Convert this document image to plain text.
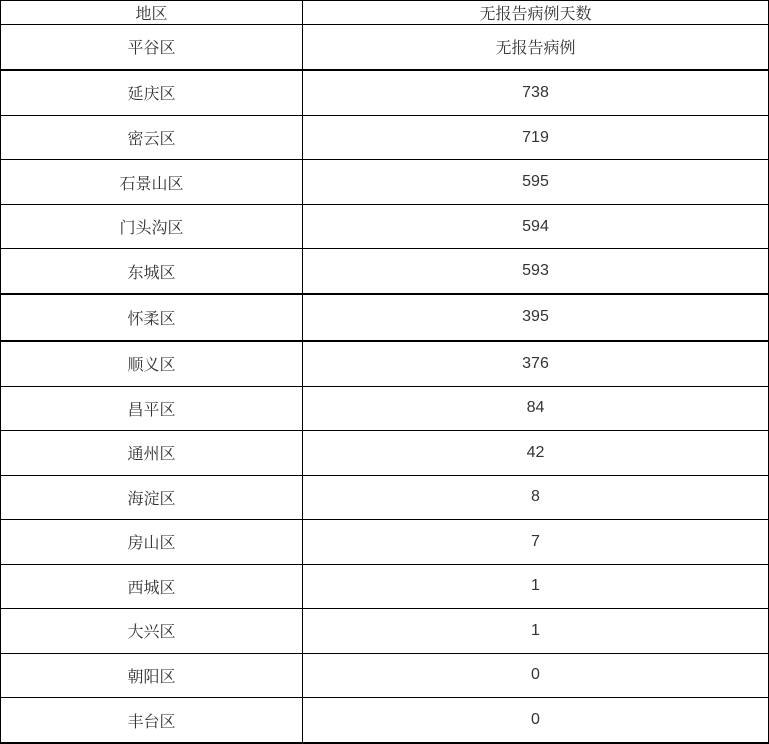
地区	无报告病例天数
平谷区	无报告病例
延庆区	738
密云区	719
石景山区	595
门头沟区	594
东城区	593
怀柔区	395
顺义区	376
昌平区	84
通州区	42
海淀区	8
房山区	7
西城区	1
大兴区	1
朝阳区	0
丰台区	0
